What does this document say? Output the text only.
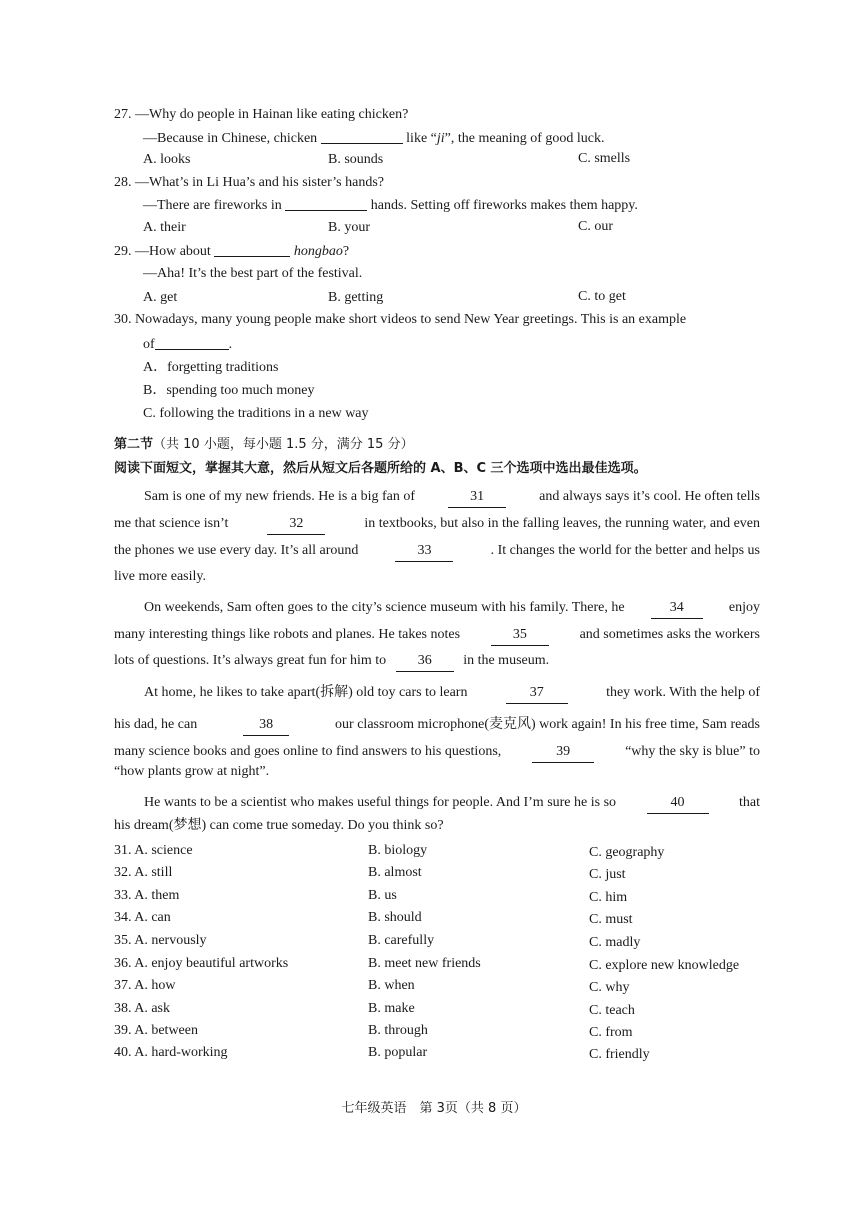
27. —Why do people in Hainan like eating chicken?
—Because in Chinese, chicken	like “ji”, the meaning of good luck.
A. looks	B. sounds	C. smells
28. —What’s in Li Hua’s and his sister’s hands?
—There are fireworks in	hands. Setting off fireworks makes them happy.
A. their	B. your	C. our
29. —How about	hongbao?
—Aha! It’s the best part of the festival.
A. get	B. getting	C. to get
30. Nowadays, many young people make short videos to send New Year greetings. This is an example
of	.
A．forgetting traditions
B．spending too much money
C. following the traditions in a new way
第二节（共 10 小题，每小题 1.5 分，满分 15 分）
阅读下面短文，掌握其大意，然后从短文后各题所给的 A、B、C 三个选项中选出最佳选项。
Sam is one of my new friends. He is a big fan of	31	and always says it’s cool. He often tells
me that science isn’t	32	in textbooks, but also in the falling leaves, the running water, and even
the phones we use every day. It’s all around	33	. It changes the world for the better and helps us
live more easily.
On weekends, Sam often goes to the city’s science museum with his family. There, he	34	enjoy
many interesting things like robots and planes. He takes notes	35	and sometimes asks the workers
lots of questions. It’s always great fun for him to 36 in the museum.
At home, he likes to take apart(拆解) old toy cars to learn	37	they work. With the help of
his dad, he can	38	our classroom microphone(麦克风) work again! In his free time, Sam reads
many science books and goes online to find answers to his questions,	39	“why the sky is blue” to
“how plants grow at night”.
He wants to be a scientist who makes useful things for people. And I’m sure he is so	40	that
his dream(梦想) can come true someday. Do you think so?
31. A. science	B. biology	C. geography
32. A. still	B. almost	C. just
33. A. them	B. us	C. him
34. A. can	B. should	C. must
35. A. nervously	B. carefully	C. madly
36. A. enjoy beautiful artworks	B. meet new friends	C. explore new knowledge
37. A. how	B. when	C. why
38. A. ask	B. make	C. teach
39. A. between	B. through	C. from
40. A. hard-working	B. popular	C. friendly
七年级英语　第 3页（共 8 页）
